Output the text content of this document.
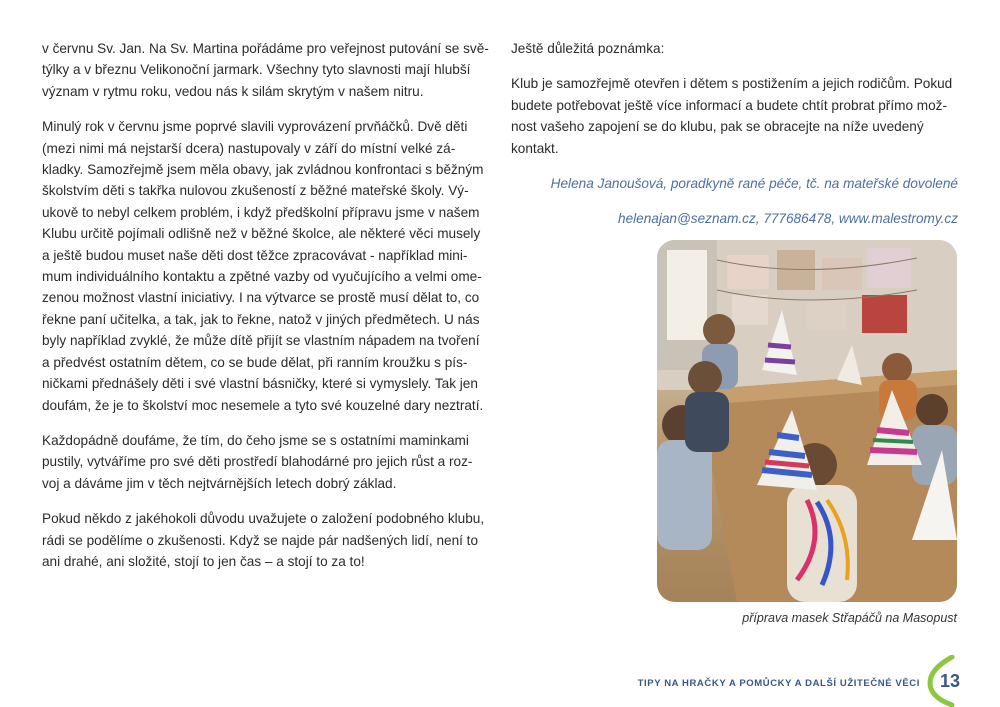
v červnu Sv. Jan. Na Sv. Martina pořádáme pro veřejnost putování se svě-
týlky a v březnu Velikonoční jarmark. Všechny tyto slavnosti mají hlubší
význam v rytmu roku, vedou nás k silám skrytým v našem nitru.

Minulý rok v červnu jsme poprvé slavili vyprovázení prvňáčků. Dvě děti
(mezi nimi má nejstarší dcera) nastupovaly v září do místní velké zá-
kladky. Samozřejmě jsem měla obavy, jak zvládnou konfrontaci s běžným
školstvím děti s takřka nulovou zkušeností z běžné mateřské školy. Vý-
ukově to nebyl celkem problém, i když předškolní přípravu jsme v našem
Klubu určitě pojímali odlišně než v běžné školce, ale některé věci musely
a ještě budou muset naše děti dost těžce zpracovávat - například mini-
mum individuálního kontaktu a zpětné vazby od vyučujícího a velmi ome-
zenou možnost vlastní iniciativy. I na výtvarce se prostě musí dělat to, co
řekne paní učitelka, a tak, jak to řekne, natož v jiných předmětech. U nás
byly například zvyklé, že může dítě přijít se vlastním nápadem na tvoření
a předvést ostatním dětem, co se bude dělat, při ranním kroužku s pís-
ničkami přednášely děti i své vlastní básničky, které si vymyslely. Tak jen
doufám, že je to školství moc nesemele a tyto své kouzelné dary neztratí.

Každopádně doufáme, že tím, do čeho jsme se s ostatními maminkami
pustily, vytváříme pro své děti prostředí blahodárné pro jejich růst a roz-
voj a dáváme jim v těch nejtvárnějších letech dobrý základ.

Pokud někdo z jakéhokoli důvodu uvažujete o založení podobného klubu,
rádi se podělíme o zkušenosti. Když se najde pár nadšených lidí, není to
ani drahé, ani složité, stojí to jen čas – a stojí to za to!

Ještě důležitá poznámka:

Klub je samozřejmě otevřen i dětem s postižením a jejich rodičům. Pokud
budete potřebovat ještě více informací a budete chtít probrat přímo mož-
nost vašeho zapojení se do klubu, pak se obracejte na níže uvedený kontakt.

Helena Janoušová, poradkyně rané péče, tč. na mateřské dovolené

helenajan@seznam.cz, 777686478, www.malestromy.cz

příprava masek Střapáčů na Masopust
TIPY NA HRAČKY A POMŮCKY A DALŠÍ UŽITEČNÉ VĚCI 13
